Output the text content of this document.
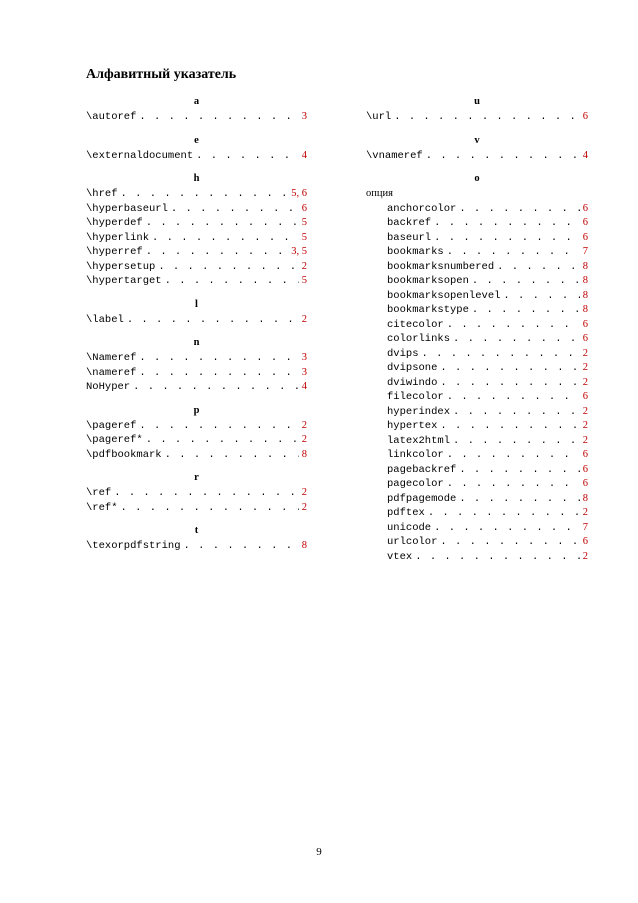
Алфавитный указатель
a
\autoref . . .	3
e
\externaldocument . . .	4
h
\href . . .	5, 6
\hyperbaseurl . . .	6
\hyperdef . . .	5
\hyperlink . . .	5
\hyperref . . .	3, 5
\hypersetup . . .	2
\hypertarget . . .	5
l
\label . . .	2
n
\Nameref . . .	3
\nameref . . .	3
NoHyper . . .	4
p
\pageref . . .	2
\pageref* . . .	2
\pdfbookmark . . .	8
r
\ref . . .	2
\ref* . . .	2
t
\texorpdfstring . . .	8
u
\url . . .	6
v
\vnameref . . .	4
o
опция
anchorcolor . . .	6
backref . . .	6
baseurl . . .	6
bookmarks . . .	7
bookmarksnumbered . . .	8
bookmarksopen . . .	8
bookmarksopenlevel . . .	8
bookmarkstype . . .	8
citecolor . . .	6
colorlinks . . .	6
dvips . . .	2
dvipsone . . .	2
dviwindo . . .	2
filecolor . . .	6
hyperindex . . .	2
hypertex . . .	2
latex2html . . .	2
linkcolor . . .	6
pagebackref . . .	6
pagecolor . . .	6
pdfpagemode . . .	8
pdftex . . .	2
unicode . . .	7
urlcolor . . .	6
vtex . . .	2
9
